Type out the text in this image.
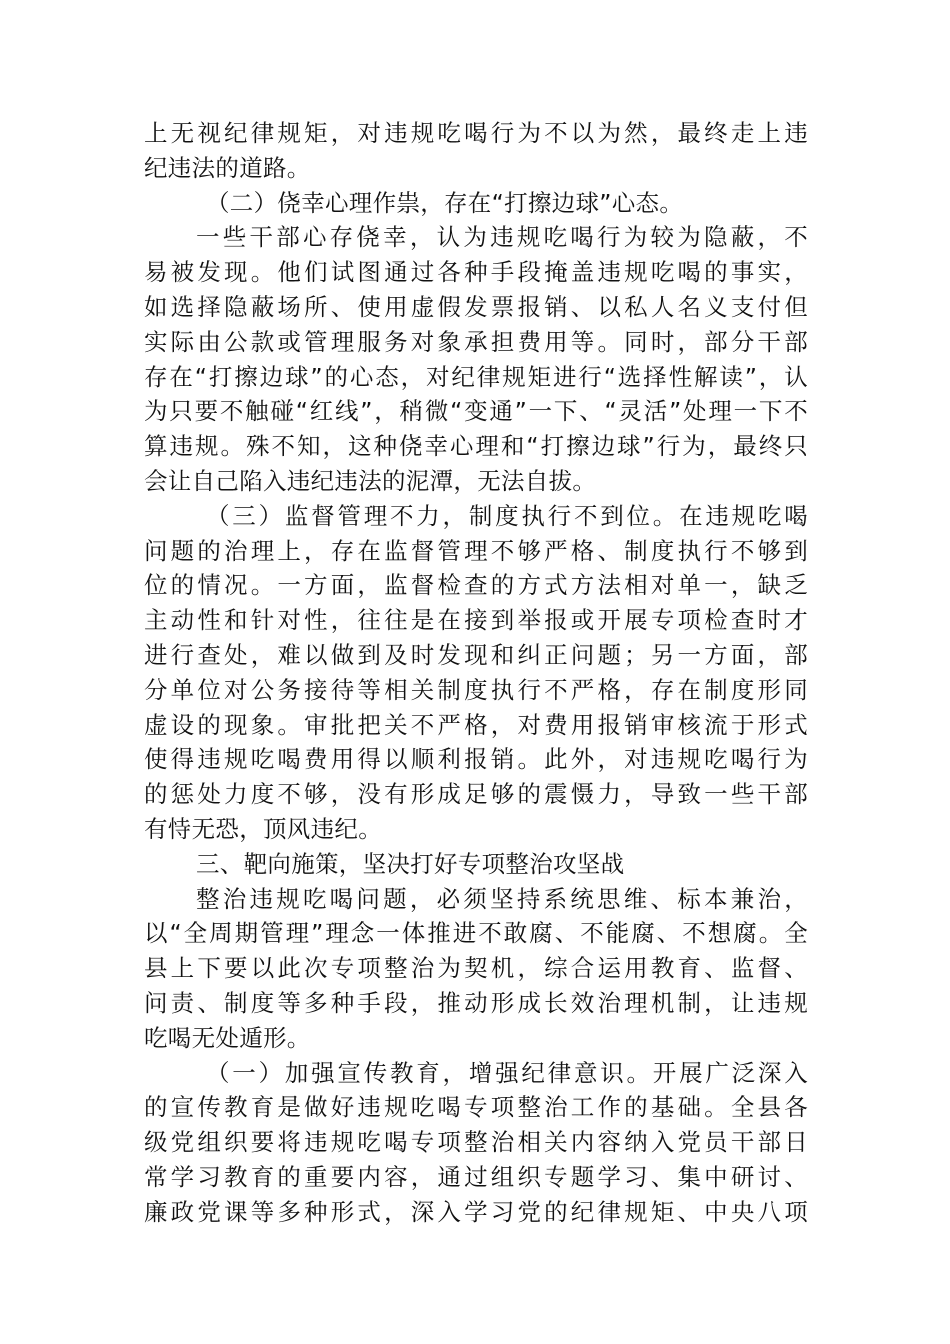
上无视纪律规矩，对违规吃喝行为不以为然，最终走上违
纪违法的道路。
（二）侥幸心理作祟，存在“打擦边球”心态。
一些干部心存侥幸，认为违规吃喝行为较为隐蔽，不
易被发现。他们试图通过各种手段掩盖违规吃喝的事实，
如选择隐蔽场所、使用虚假发票报销、以私人名义支付但
实际由公款或管理服务对象承担费用等。同时，部分干部
存在“打擦边球”的心态，对纪律规矩进行“选择性解读”，认
为只要不触碰“红线”，稍微“变通”一下、“灵活”处理一下不
算违规。殊不知，这种侥幸心理和“打擦边球”行为，最终只
会让自己陷入违纪违法的泥潭，无法自拔。
（三）监督管理不力，制度执行不到位。在违规吃喝
问题的治理上，存在监督管理不够严格、制度执行不够到
位的情况。一方面，监督检查的方式方法相对单一，缺乏
主动性和针对性，往往是在接到举报或开展专项检查时才
进行查处，难以做到及时发现和纠正问题；另一方面，部
分单位对公务接待等相关制度执行不严格，存在制度形同
虚设的现象。审批把关不严格，对费用报销审核流于形式
使得违规吃喝费用得以顺利报销。此外，对违规吃喝行为
的惩处力度不够，没有形成足够的震慑力，导致一些干部
有恃无恐，顶风违纪。
三、靶向施策，坚决打好专项整治攻坚战
整治违规吃喝问题，必须坚持系统思维、标本兼治，
以“全周期管理”理念一体推进不敢腐、不能腐、不想腐。全
县上下要以此次专项整治为契机，综合运用教育、监督、
问责、制度等多种手段，推动形成长效治理机制，让违规
吃喝无处遁形。
（一）加强宣传教育，增强纪律意识。开展广泛深入
的宣传教育是做好违规吃喝专项整治工作的基础。全县各
级党组织要将违规吃喝专项整治相关内容纳入党员干部日
常学习教育的重要内容，通过组织专题学习、集中研讨、
廉政党课等多种形式，深入学习党的纪律规矩、中央八项
